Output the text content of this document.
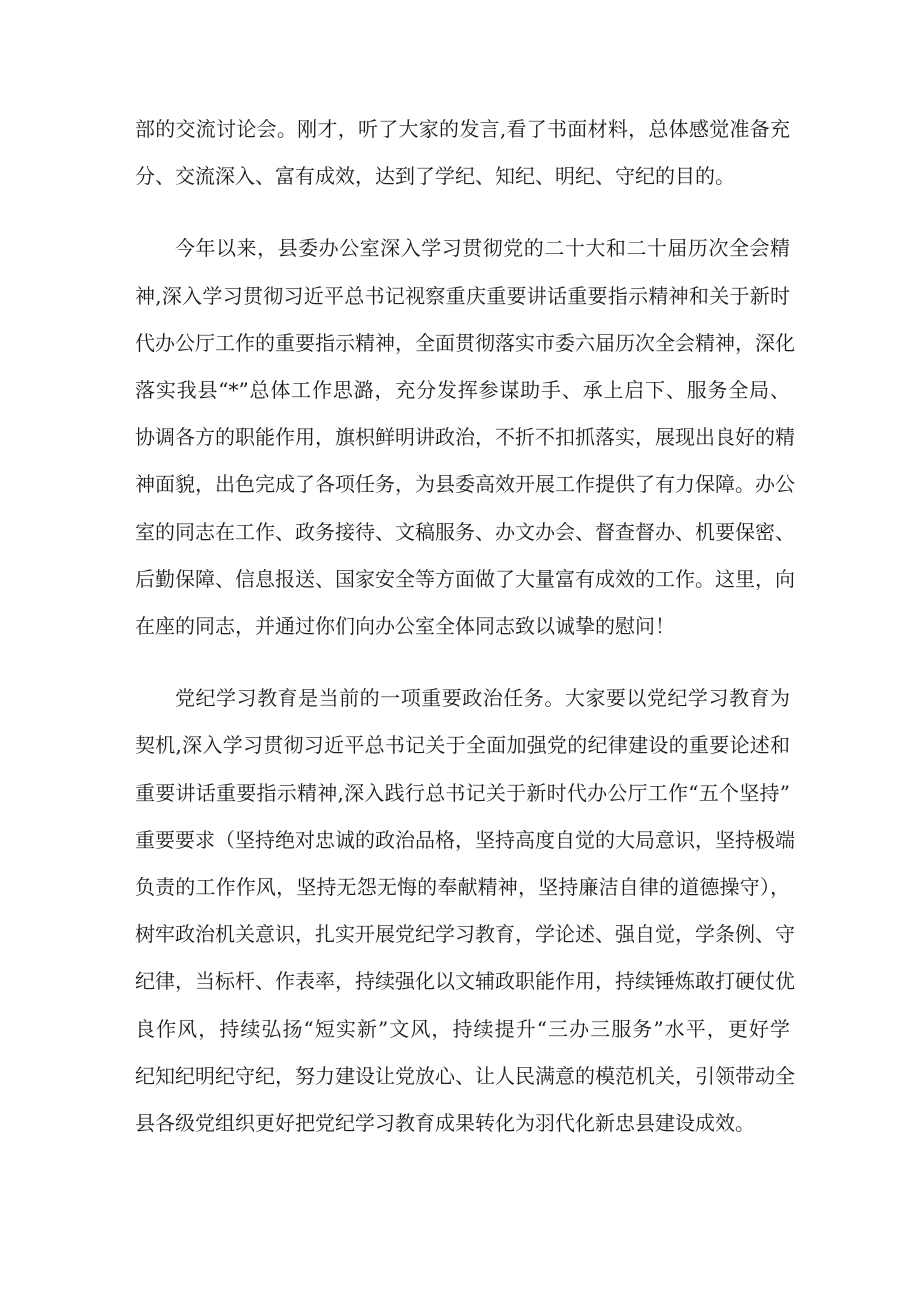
部的交流讨论会。刚才，听了大家的发言,看了书面材料，总体感觉准备充
分、交流深入、富有成效，达到了学纪、知纪、明纪、守纪的目的。

今年以来，县委办公室深入学习贯彻党的二十大和二十届历次全会精
神,深入学习贯彻习近平总书记视察重庆重要讲话重要指示精神和关于新时
代办公厅工作的重要指示精神，全面贯彻落实市委六届历次全会精神，深化
落实我县“*”总体工作思潞，充分发挥参谋助手、承上启下、服务全局、
协调各方的职能作用，旗枳鲜明讲政治，不折不扣抓落实，展现出良好的精
神面貌，出色完成了各项任务，为县委高效开展工作提供了有力保障。办公
室的同志在工作、政务接待、文稿服务、办文办会、督查督办、机要保密、
后勤保障、信息报送、国家安全等方面做了大量富有成效的工作。这里，向
在座的同志，并通过你们向办公室全体同志致以诚挚的慰问！

党纪学习教育是当前的一项重要政治任务。大家要以党纪学习教育为
契机,深入学习贯彻习近平总书记关于全面加强党的纪律建设的重要论述和
重要讲话重要指示精神,深入践行总书记关于新时代办公厅工作“五个坚持”
重要要求（坚持绝对忠诚的政治品格，坚持高度自觉的大局意识，坚持极端
负责的工作作风，坚持无怨无悔的奉献精神，坚持廉洁自律的道德操守），
树牢政治机关意识，扎实开展党纪学习教育，学论述、强自觉，学条例、守
纪律，当标杆、作表率，持续强化以文辅政职能作用，持续锤炼敢打硬仗优
良作风，持续弘扬“短实新”文风，持续提升“三办三服务”水平，更好学
纪知纪明纪守纪，努力建设让党放心、让人民满意的模范机关，引领带动全
县各级党组织更好把党纪学习教育成果转化为羽代化新忠县建设成效。
